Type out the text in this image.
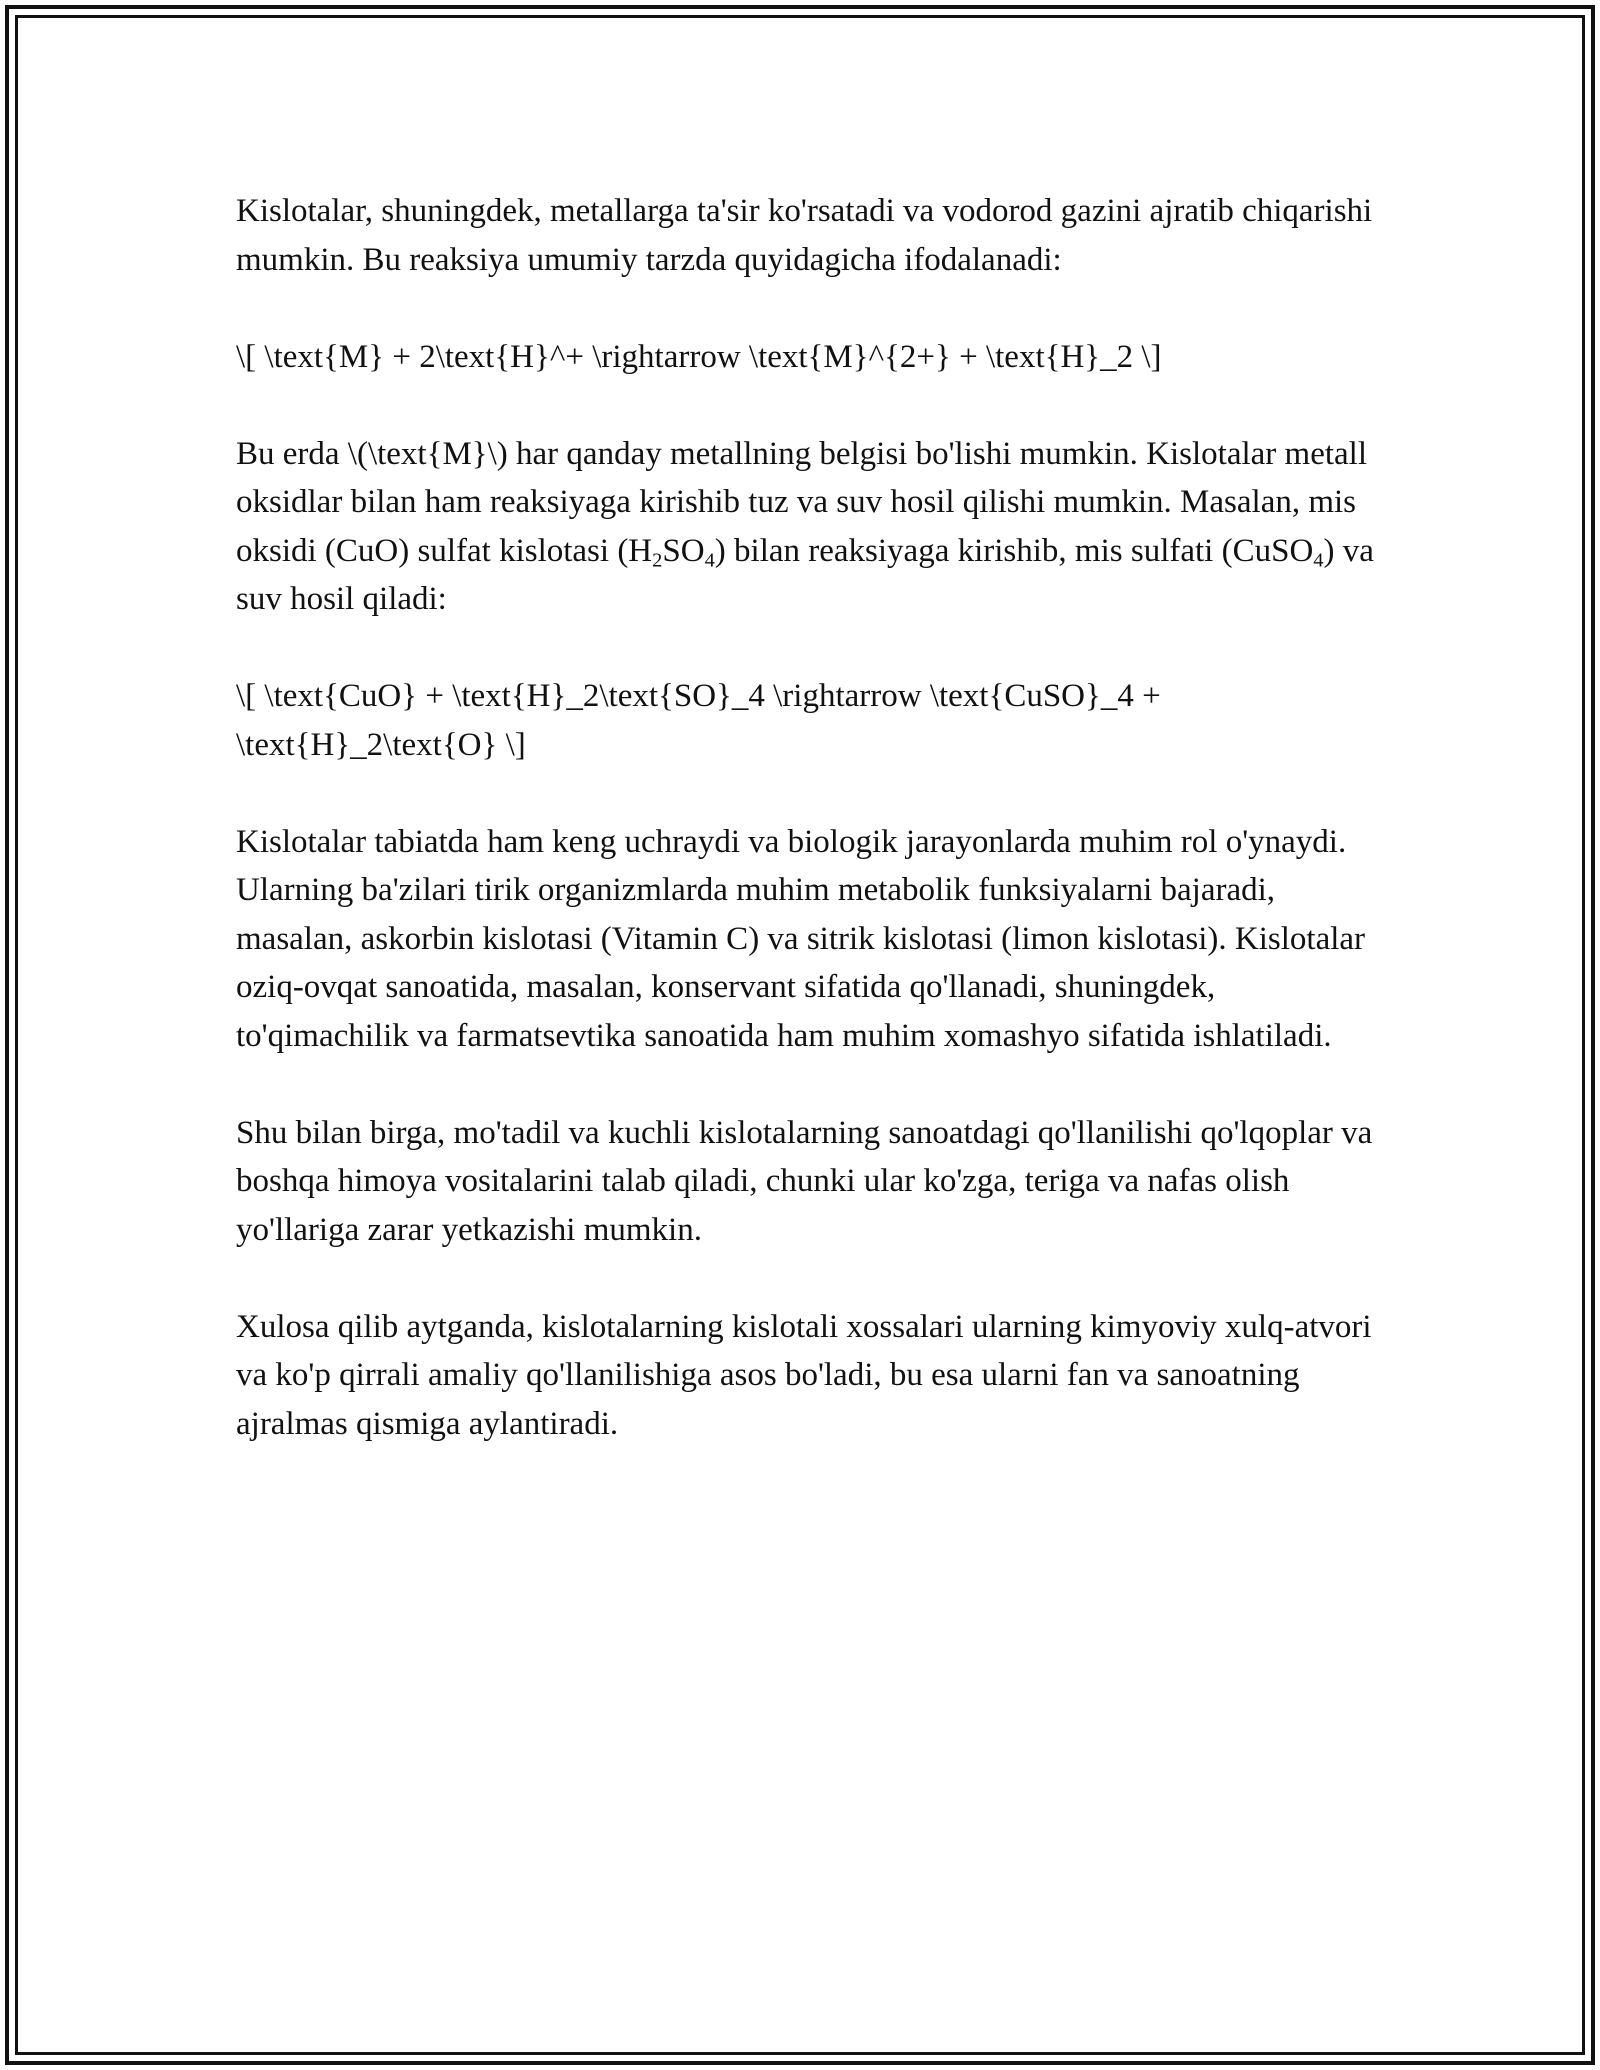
Kislotalar, shuningdek, metallarga ta'sir ko'rsatadi va vodorod gazini ajratib chiqarishi mumkin. Bu reaksiya umumiy tarzda quyidagicha ifodalanadi:

\[ \text{M} + 2\text{H}^+ \rightarrow \text{M}^{2+} + \text{H}_2 \]

Bu erda \(\text{M}\) har qanday metallning belgisi bo'lishi mumkin. Kislotalar metall oksidlar bilan ham reaksiyaga kirishib tuz va suv hosil qilishi mumkin. Masalan, mis oksidi (CuO) sulfat kislotasi $(H_2SO_4)$ bilan reaksiyaga kirishib, mis sulfati (CuSO$_4$) va suv hosil qiladi:

\[ \text{CuO} + \text{H}_2\text{SO}_4 \rightarrow \text{CuSO}_4 + \text{H}_2\text{O} \]

Kislotalar tabiatda ham keng uchraydi va biologik jarayonlarda muhim rol o'ynaydi. Ularning ba'zilari tirik organizmlarda muhim metabolik funksiyalarni bajaradi, masalan, askorbin kislotasi (Vitamin C) va sitrik kislotasi (limon kislotasi). Kislotalar oziq-ovqat sanoatida, masalan, konservant sifatida qo'llanadi, shuningdek, to'qimachilik va farmatsevtika sanoatida ham muhim xomashyo sifatida ishlatiladi.

Shu bilan birga, mo'tadil va kuchli kislotalarning sanoatdagi qo'llanilishi qo'lqoplar va boshqa himoya vositalarini talab qiladi, chunki ular ko'zga, teriga va nafas olish yo'llariga zarar yetkazishi mumkin.

Xulosa qilib aytganda, kislotalarning kislotali xossalari ularning kimyoviy xulq-atvori va ko'p qirrali amaliy qo'llanilishiga asos bo'ladi, bu esa ularni fan va sanoatning ajralmas qismiga aylantiradi.
